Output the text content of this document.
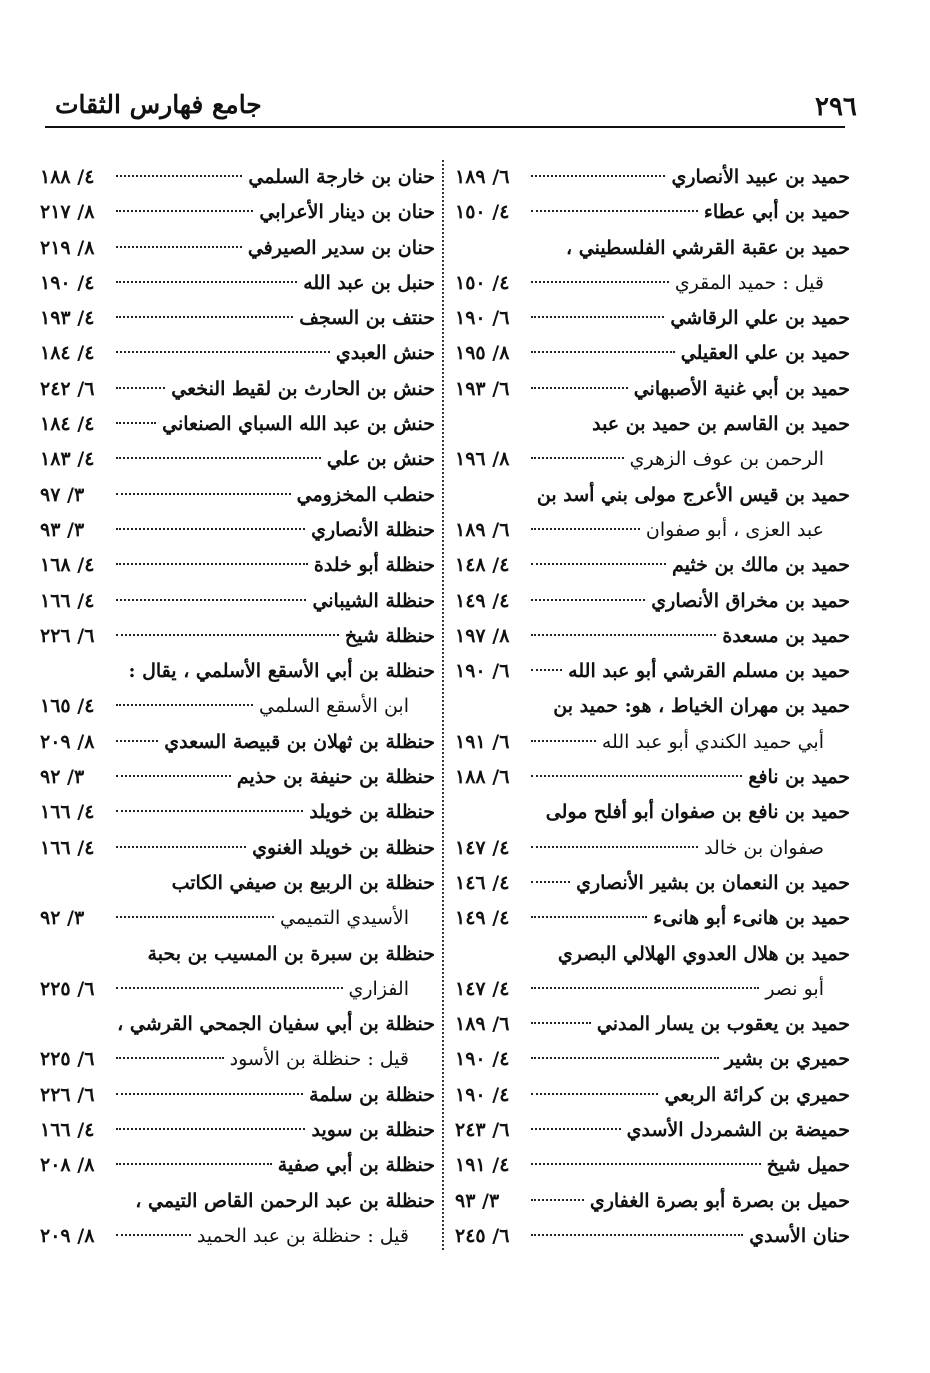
٢٩٦
جامع فهارس الثقات
حميد بن عبيد الأنصاري
٦/ ١٨٩
حميد بن أبي عطاء
٤/ ١٥٠
حميد بن عقبة القرشي الفلسطيني ،
قيل : حميد المقري
٤/ ١٥٠
حميد بن علي الرقاشي
٦/ ١٩٠
حميد بن علي العقيلي
٨/ ١٩٥
حميد بن أبي غنية الأصبهاني
٦/ ١٩٣
حميد بن القاسم بن حميد بن عبد
الرحمن بن عوف الزهري
٨/ ١٩٦
حميد بن قيس الأعرج مولى بني أسد بن
عبد العزى ، أبو صفوان
٦/ ١٨٩
حميد بن مالك بن خثيم
٤/ ١٤٨
حميد بن مخراق الأنصاري
٤/ ١٤٩
حميد بن مسعدة
٨/ ١٩٧
حميد بن مسلم القرشي أبو عبد الله
٦/ ١٩٠
حميد بن مهران الخياط ، هو: حميد بن
أبي حميد الكندي أبو عبد الله
٦/ ١٩١
حميد بن نافع
٦/ ١٨٨
حميد بن نافع بن صفوان أبو أفلح مولى
صفوان بن خالد
٤/ ١٤٧
حميد بن النعمان بن بشير الأنصاري
٤/ ١٤٦
حميد بن هانىء أبو هانىء
٤/ ١٤٩
حميد بن هلال العدوي الهلالي البصري
أبو نصر
٤/ ١٤٧
حميد بن يعقوب بن يسار المدني
٦/ ١٨٩
حميري بن بشير
٤/ ١٩٠
حميري بن كرائة الربعي
٤/ ١٩٠
حميضة بن الشمردل الأسدي
٦/ ٢٤٣
حميل شيخ
٤/ ١٩١
حميل بن بصرة أبو بصرة الغفاري
٣/ ٩٣
حنان الأسدي
٦/ ٢٤٥
حنان بن خارجة السلمي
٤/ ١٨٨
حنان بن دينار الأعرابي
٨/ ٢١٧
حنان بن سدير الصيرفي
٨/ ٢١٩
حنبل بن عبد الله
٤/ ١٩٠
حنتف بن السجف
٤/ ١٩٣
حنش العبدي
٤/ ١٨٤
حنش بن الحارث بن لقيط النخعي
٦/ ٢٤٢
حنش بن عبد الله السباي الصنعاني
٤/ ١٨٤
حنش بن علي
٤/ ١٨٣
حنطب المخزومي
٣/ ٩٧
حنظلة الأنصاري
٣/ ٩٣
حنظلة أبو خلدة
٤/ ١٦٨
حنظلة الشيباني
٤/ ١٦٦
حنظلة شيخ
٦/ ٢٢٦
حنظلة بن أبي الأسقع الأسلمي ، يقال :
ابن الأسقع السلمي
٤/ ١٦٥
حنظلة بن ثهلان بن قبيصة السعدي
٨/ ٢٠٩
حنظلة بن حنيفة بن حذيم
٣/ ٩٢
حنظلة بن خويلد
٤/ ١٦٦
حنظلة بن خويلد الغنوي
٤/ ١٦٦
حنظلة بن الربيع بن صيفي الكاتب
الأسيدي التميمي
٣/ ٩٢
حنظلة بن سبرة بن المسيب بن بحبة
الفزاري
٦/ ٢٢٥
حنظلة بن أبي سفيان الجمحي القرشي ،
قيل : حنظلة بن الأسود
٦/ ٢٢٥
حنظلة بن سلمة
٦/ ٢٢٦
حنظلة بن سويد
٤/ ١٦٦
حنظلة بن أبي صفية
٨/ ٢٠٨
حنظلة بن عبد الرحمن القاص التيمي ،
قيل : حنظلة بن عبد الحميد
٨/ ٢٠٩
